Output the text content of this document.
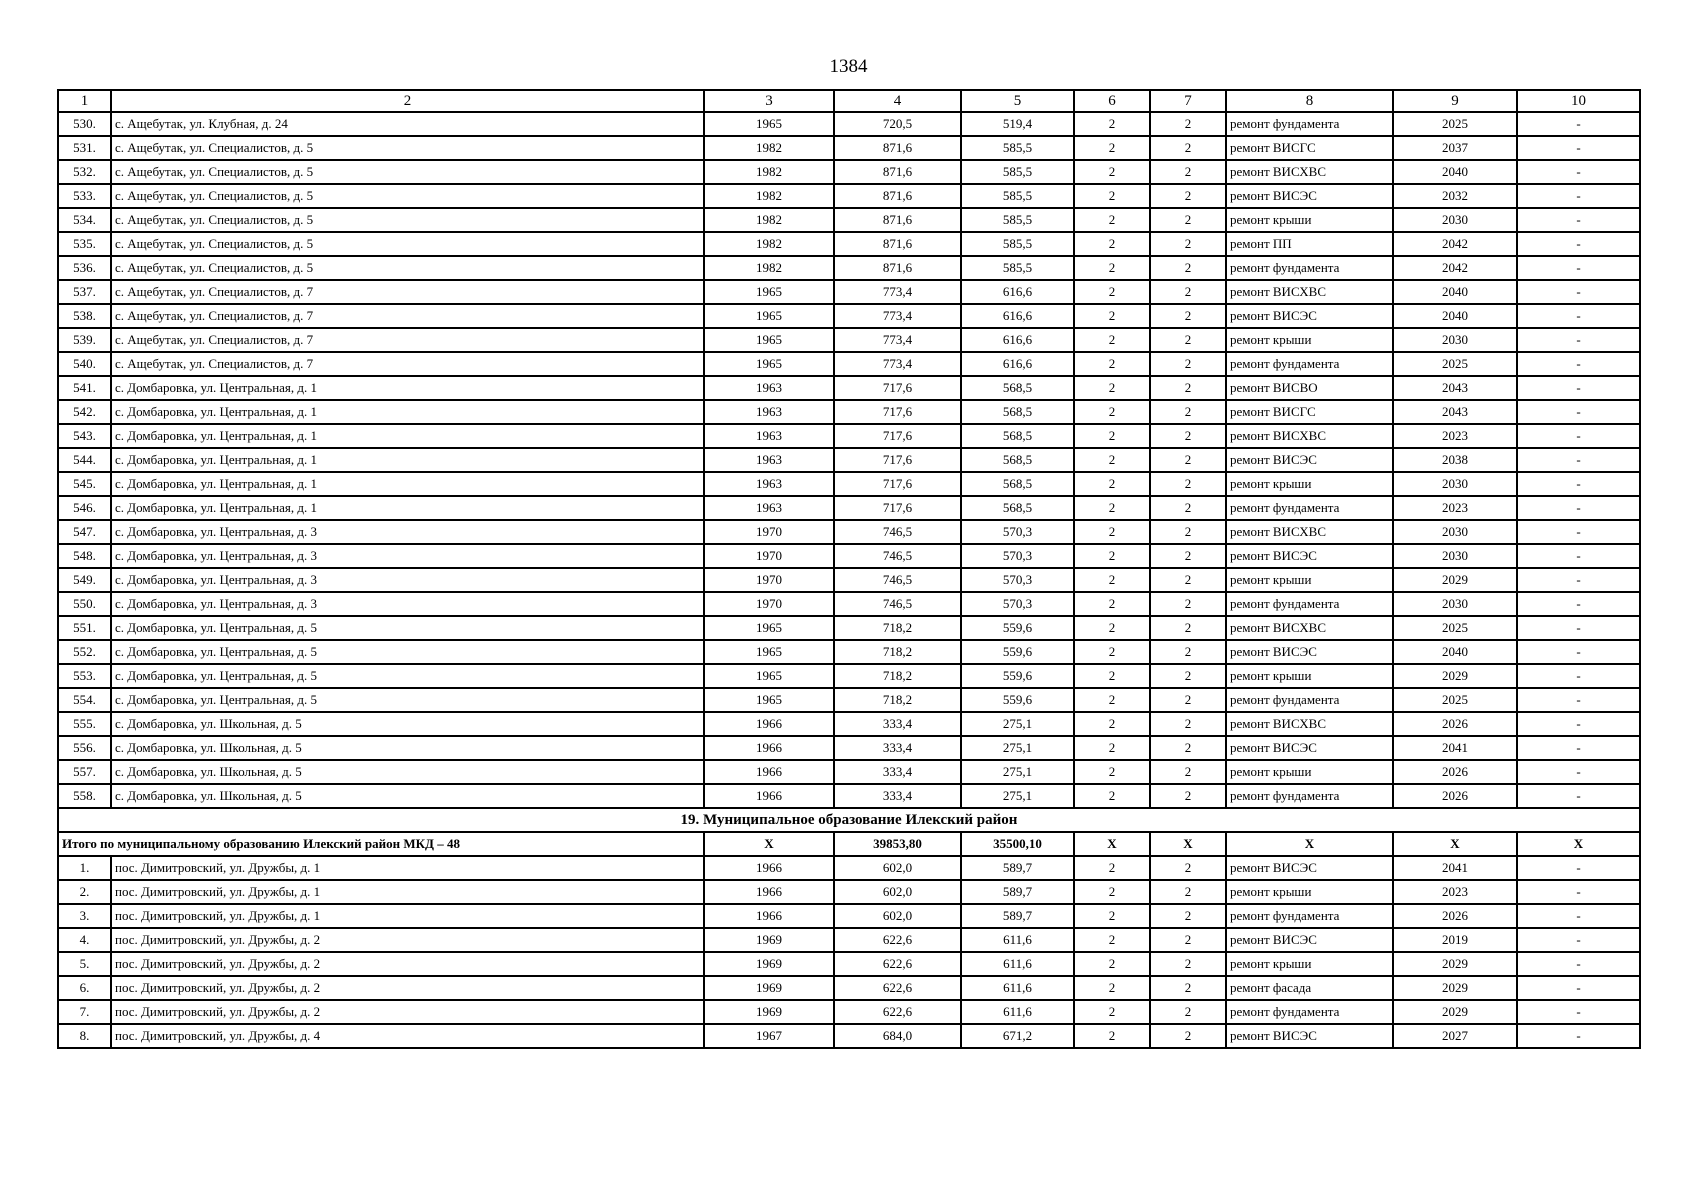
1384
1	2	3	4	5	6	7	8	9	10
530.	с. Ащебутак, ул. Клубная, д. 24	1965	720,5	519,4	2	2	ремонт фундамента	2025	-
531.	с. Ащебутак, ул. Специалистов, д. 5	1982	871,6	585,5	2	2	ремонт ВИСГС	2037	-
532.	с. Ащебутак, ул. Специалистов, д. 5	1982	871,6	585,5	2	2	ремонт ВИСХВС	2040	-
533.	с. Ащебутак, ул. Специалистов, д. 5	1982	871,6	585,5	2	2	ремонт ВИСЭС	2032	-
534.	с. Ащебутак, ул. Специалистов, д. 5	1982	871,6	585,5	2	2	ремонт крыши	2030	-
535.	с. Ащебутак, ул. Специалистов, д. 5	1982	871,6	585,5	2	2	ремонт ПП	2042	-
536.	с. Ащебутак, ул. Специалистов, д. 5	1982	871,6	585,5	2	2	ремонт фундамента	2042	-
537.	с. Ащебутак, ул. Специалистов, д. 7	1965	773,4	616,6	2	2	ремонт ВИСХВС	2040	-
538.	с. Ащебутак, ул. Специалистов, д. 7	1965	773,4	616,6	2	2	ремонт ВИСЭС	2040	-
539.	с. Ащебутак, ул. Специалистов, д. 7	1965	773,4	616,6	2	2	ремонт крыши	2030	-
540.	с. Ащебутак, ул. Специалистов, д. 7	1965	773,4	616,6	2	2	ремонт фундамента	2025	-
541.	с. Домбаровка, ул. Центральная, д. 1	1963	717,6	568,5	2	2	ремонт ВИСВО	2043	-
542.	с. Домбаровка, ул. Центральная, д. 1	1963	717,6	568,5	2	2	ремонт ВИСГС	2043	-
543.	с. Домбаровка, ул. Центральная, д. 1	1963	717,6	568,5	2	2	ремонт ВИСХВС	2023	-
544.	с. Домбаровка, ул. Центральная, д. 1	1963	717,6	568,5	2	2	ремонт ВИСЭС	2038	-
545.	с. Домбаровка, ул. Центральная, д. 1	1963	717,6	568,5	2	2	ремонт крыши	2030	-
546.	с. Домбаровка, ул. Центральная, д. 1	1963	717,6	568,5	2	2	ремонт фундамента	2023	-
547.	с. Домбаровка, ул. Центральная, д. 3	1970	746,5	570,3	2	2	ремонт ВИСХВС	2030	-
548.	с. Домбаровка, ул. Центральная, д. 3	1970	746,5	570,3	2	2	ремонт ВИСЭС	2030	-
549.	с. Домбаровка, ул. Центральная, д. 3	1970	746,5	570,3	2	2	ремонт крыши	2029	-
550.	с. Домбаровка, ул. Центральная, д. 3	1970	746,5	570,3	2	2	ремонт фундамента	2030	-
551.	с. Домбаровка, ул. Центральная, д. 5	1965	718,2	559,6	2	2	ремонт ВИСХВС	2025	-
552.	с. Домбаровка, ул. Центральная, д. 5	1965	718,2	559,6	2	2	ремонт ВИСЭС	2040	-
553.	с. Домбаровка, ул. Центральная, д. 5	1965	718,2	559,6	2	2	ремонт крыши	2029	-
554.	с. Домбаровка, ул. Центральная, д. 5	1965	718,2	559,6	2	2	ремонт фундамента	2025	-
555.	с. Домбаровка, ул. Школьная, д. 5	1966	333,4	275,1	2	2	ремонт ВИСХВС	2026	-
556.	с. Домбаровка, ул. Школьная, д. 5	1966	333,4	275,1	2	2	ремонт ВИСЭС	2041	-
557.	с. Домбаровка, ул. Школьная, д. 5	1966	333,4	275,1	2	2	ремонт крыши	2026	-
558.	с. Домбаровка, ул. Школьная, д. 5	1966	333,4	275,1	2	2	ремонт фундамента	2026	-
19. Муниципальное образование Илекский район									
Итого по муниципальному образованию Илекский район МКД – 48		X	39853,80	35500,10	X	X	X	X	X
1.	пос. Димитровский, ул. Дружбы, д. 1	1966	602,0	589,7	2	2	ремонт ВИСЭС	2041	-
2.	пос. Димитровский, ул. Дружбы, д. 1	1966	602,0	589,7	2	2	ремонт крыши	2023	-
3.	пос. Димитровский, ул. Дружбы, д. 1	1966	602,0	589,7	2	2	ремонт фундамента	2026	-
4.	пос. Димитровский, ул. Дружбы, д. 2	1969	622,6	611,6	2	2	ремонт ВИСЭС	2019	-
5.	пос. Димитровский, ул. Дружбы, д. 2	1969	622,6	611,6	2	2	ремонт крыши	2029	-
6.	пос. Димитровский, ул. Дружбы, д. 2	1969	622,6	611,6	2	2	ремонт фасада	2029	-
7.	пос. Димитровский, ул. Дружбы, д. 2	1969	622,6	611,6	2	2	ремонт фундамента	2029	-
8.	пос. Димитровский, ул. Дружбы, д. 4	1967	684,0	671,2	2	2	ремонт ВИСЭС	2027	-
